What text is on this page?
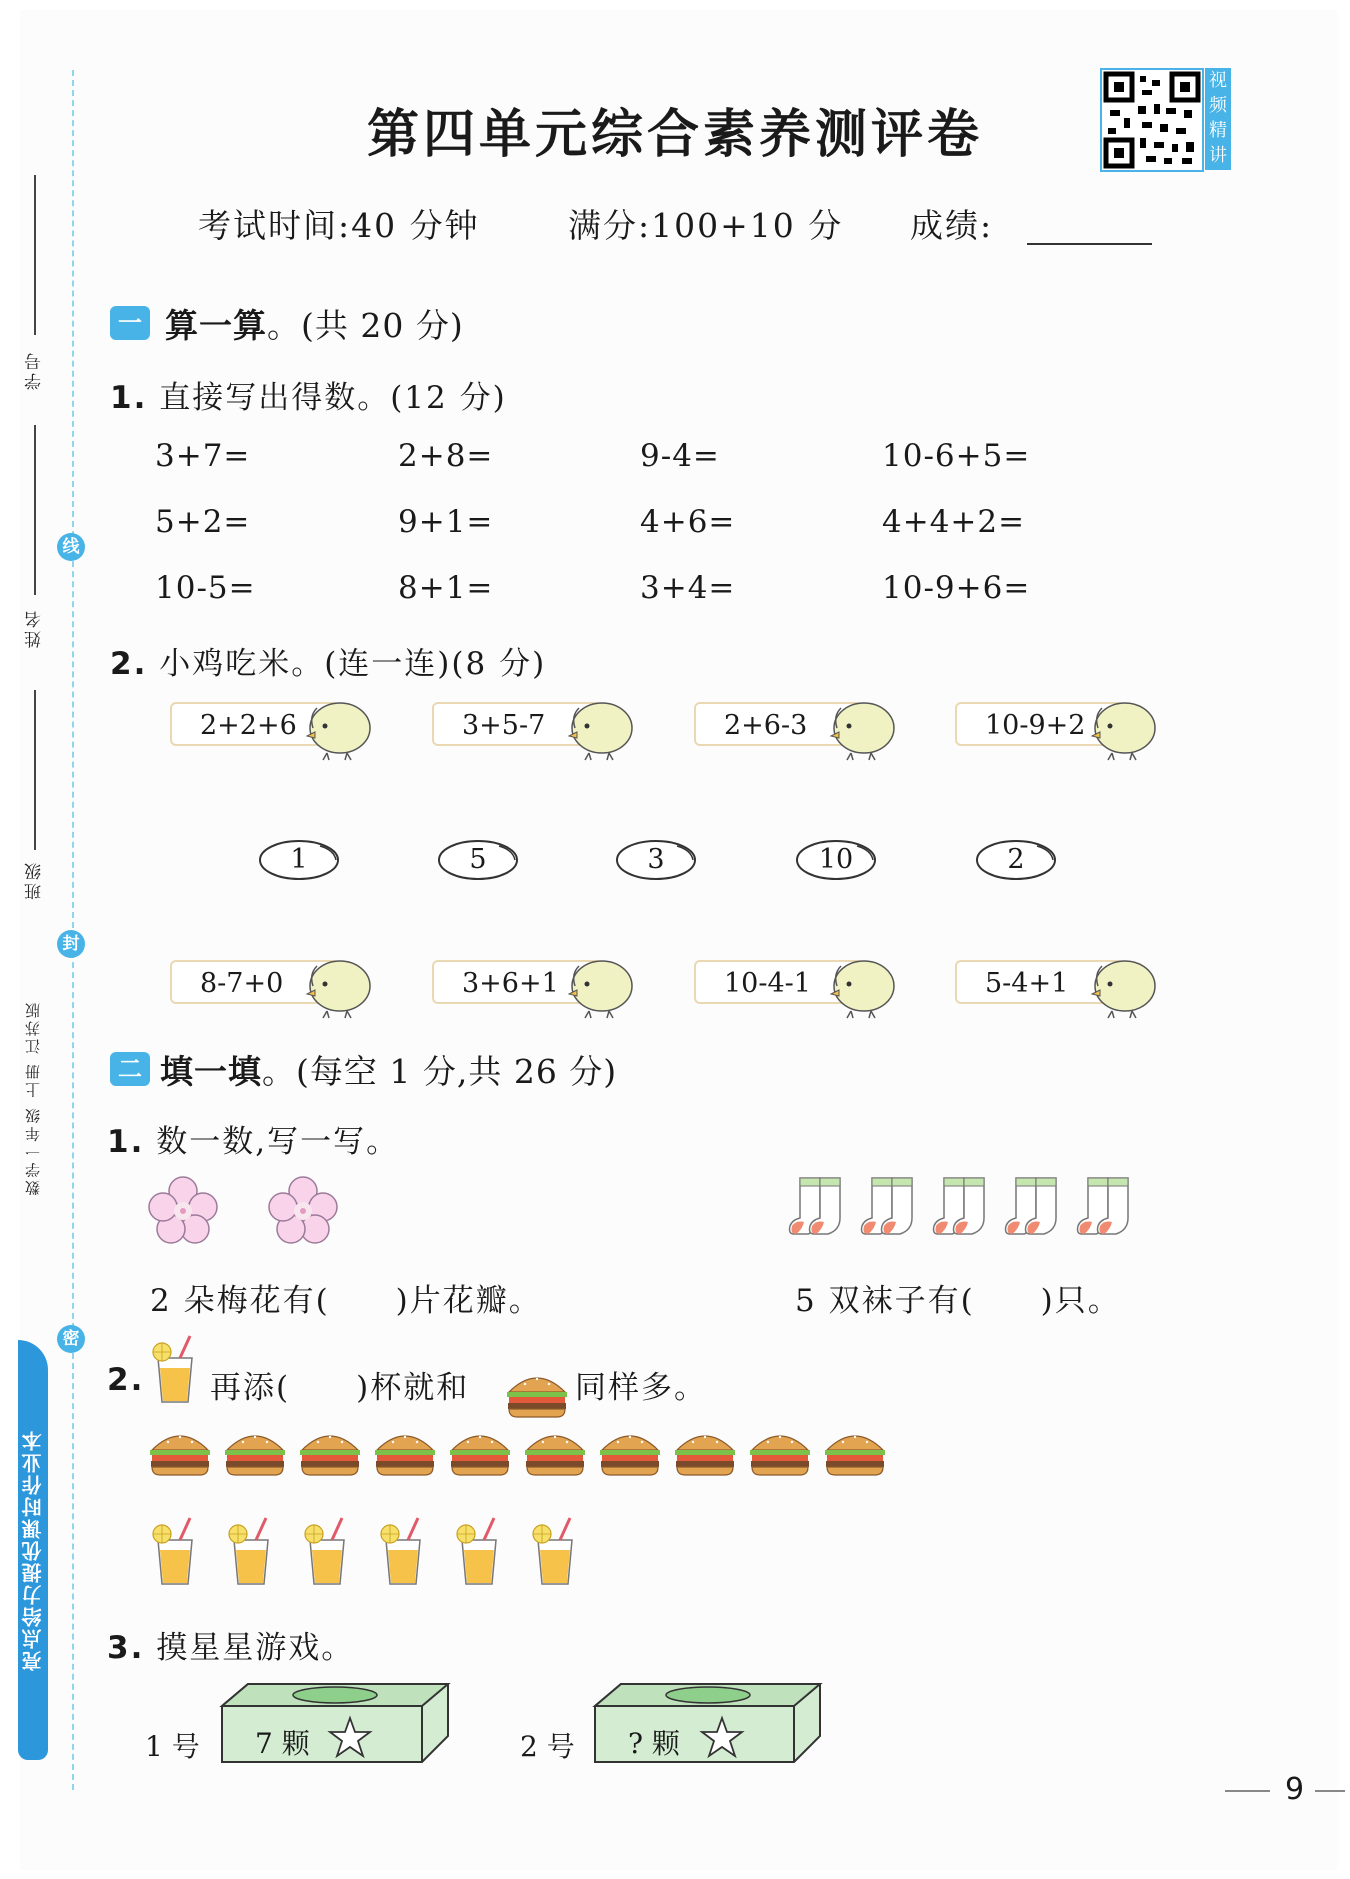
学号
姓名
班级
线
封
密
数学一年级 上册 江苏版
亮点给力提优课时作业本
第四单元综合素养测评卷
视
频
精
讲
考试时间:40 分钟	满分:100+10 分 成绩:
一 算一算。(共 20 分)
1. 直接写出得数。(12 分)
3+7=	2+8=	9-4=	10-6+5=
5+2=	9+1=	4+6=	4+4+2=
10-5=	8+1=	3+4=	10-9+6=
2. 小鸡吃米。(连一连)(8 分)
2+2+6	3+5-7	2+6-3	10-9+2
1	5	3	10	2
8-7+0	3+6+1	10-4-1	5-4+1
二 填一填。(每空 1 分,共 26 分)
1. 数一数,写一写。
2 朵梅花有(　　)片花瓣。	5 双袜子有(　　)只。
2. 再添(　　)杯就和	同样多。
3. 摸星星游戏。
1 号	2 号
7 颗	? 颗
9
